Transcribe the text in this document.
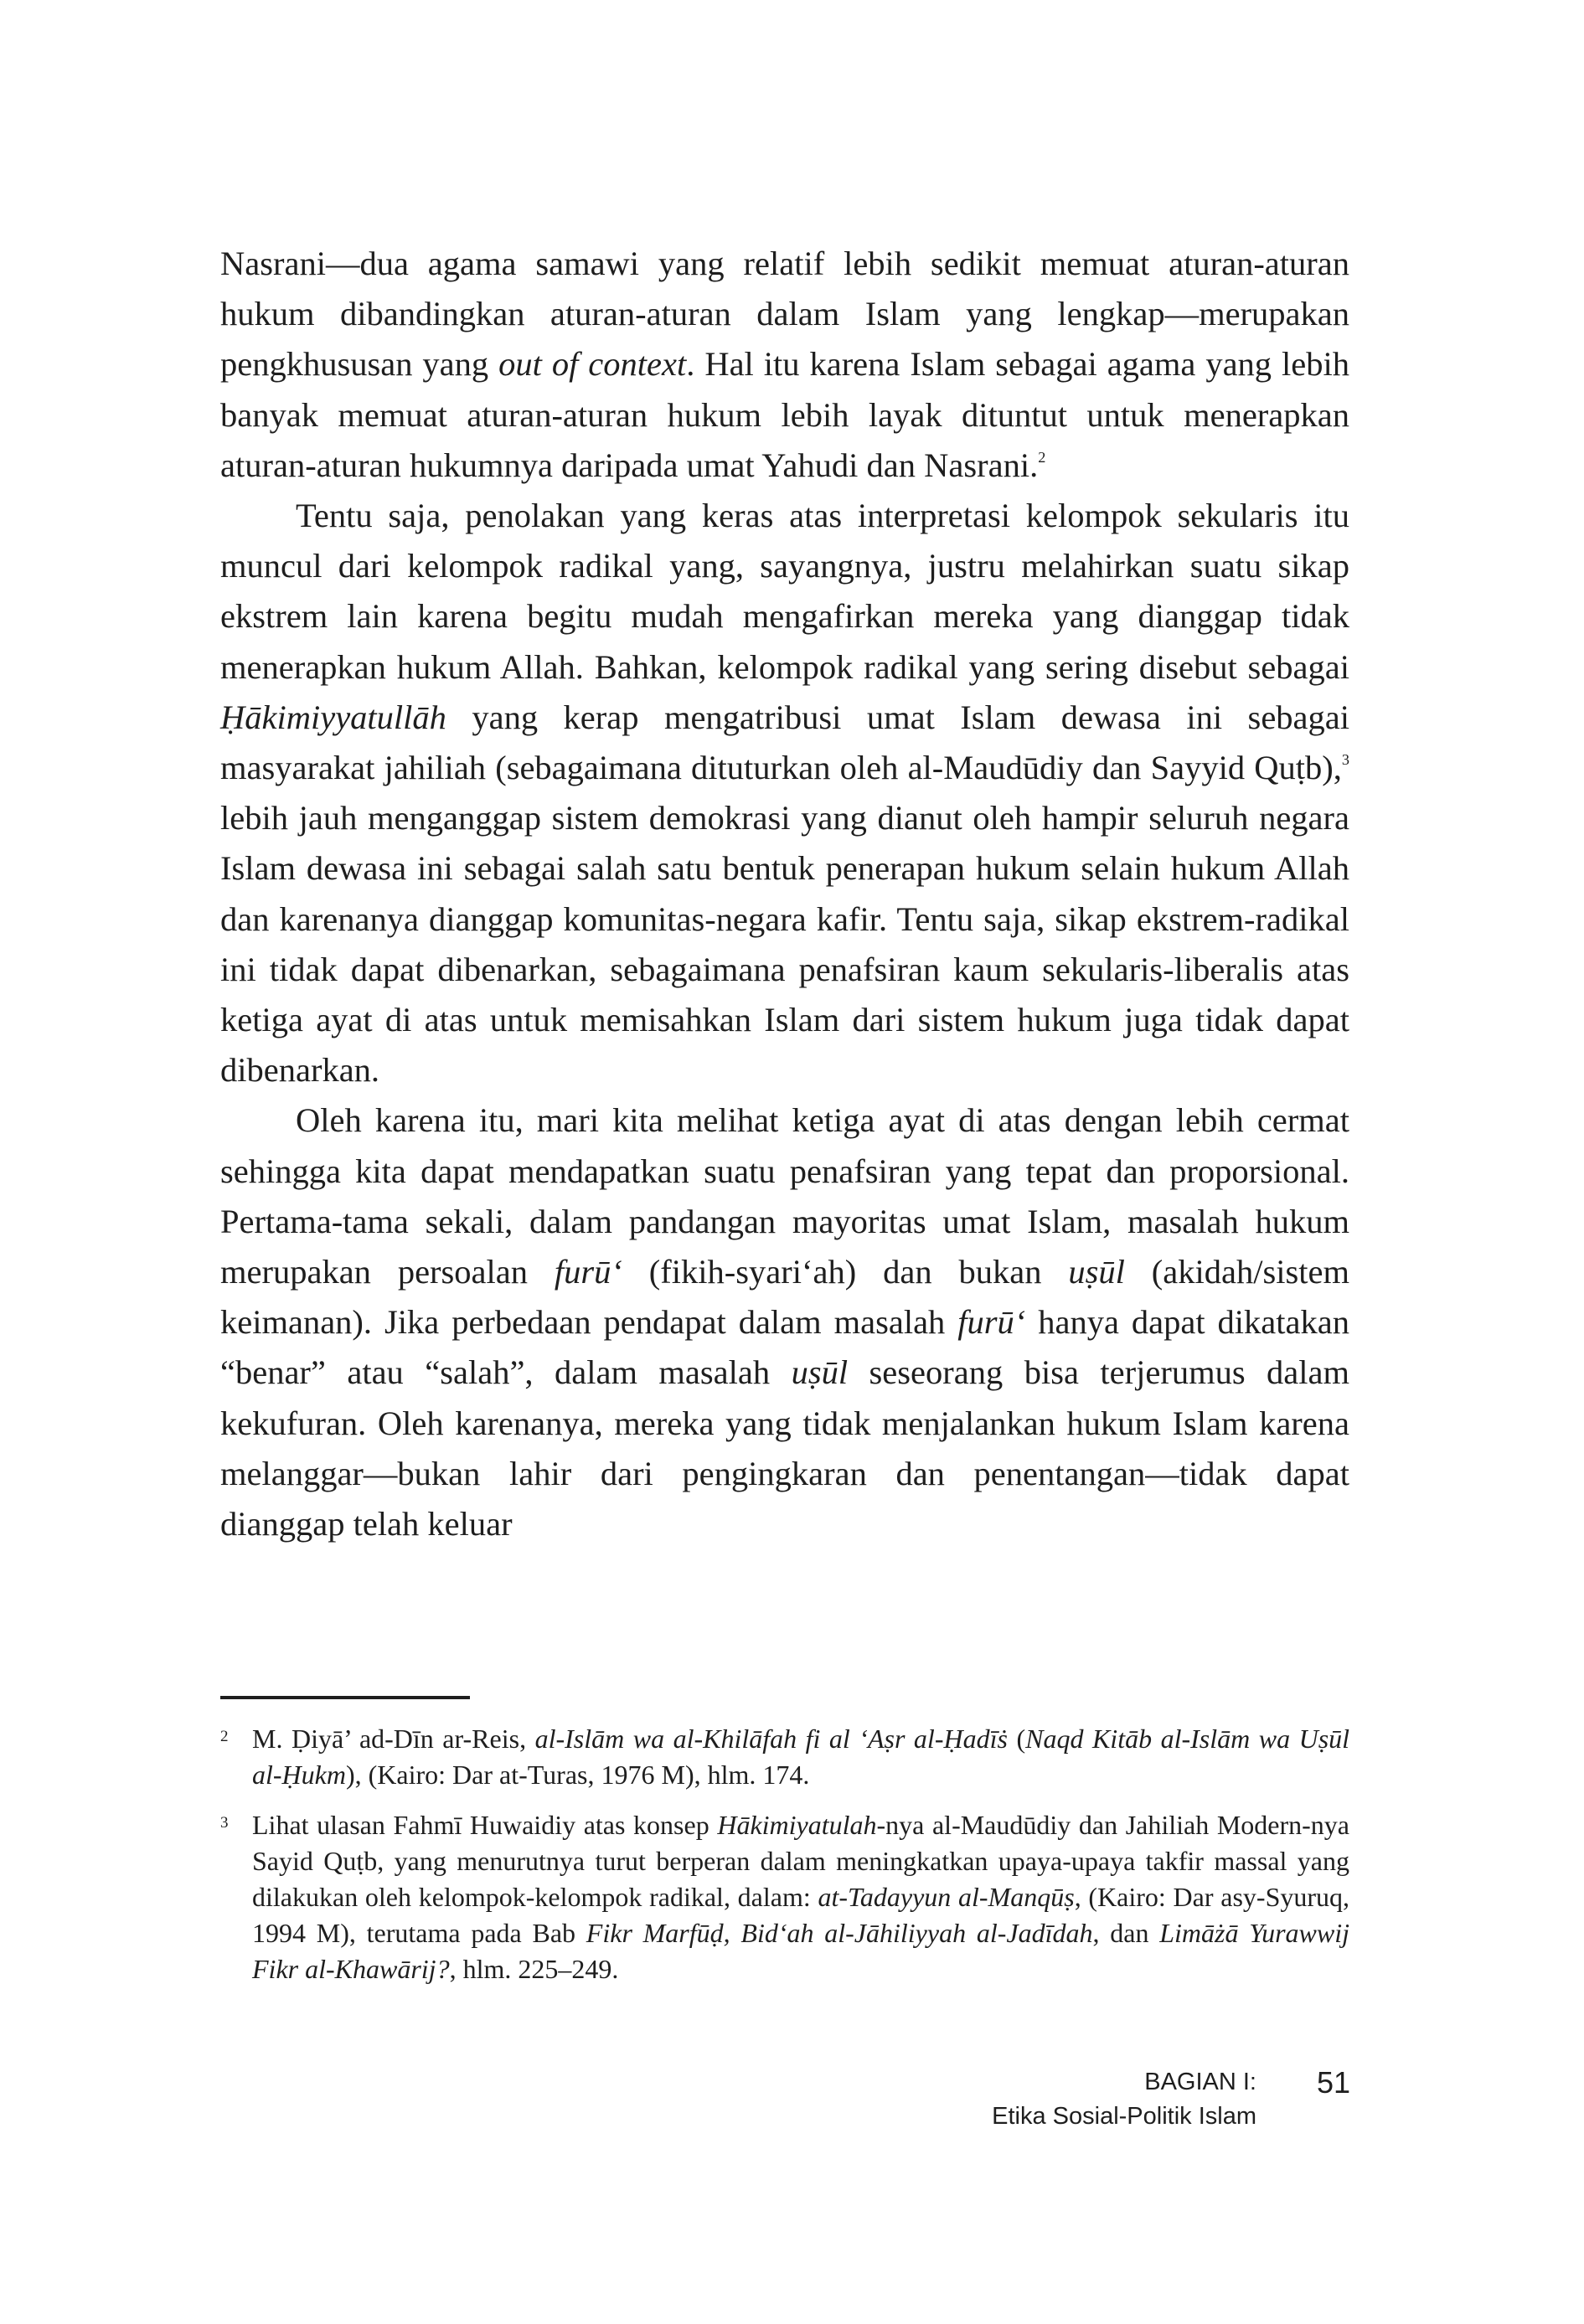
Nasrani—dua agama samawi yang relatif lebih sedikit memuat aturan-aturan hukum dibandingkan aturan-aturan dalam Islam yang lengkap—merupakan pengkhususan yang out of context. Hal itu karena Islam sebagai agama yang lebih banyak memuat aturan-aturan hukum lebih layak dituntut untuk menerapkan aturan-aturan hukumnya daripada umat Yahudi dan Nasrani.$^2$

Tentu saja, penolakan yang keras atas interpretasi kelompok sekularis itu muncul dari kelompok radikal yang, sayangnya, justru melahirkan suatu sikap ekstrem lain karena begitu mudah mengafirkan mereka yang dianggap tidak menerapkan hukum Allah. Bahkan, kelompok radikal yang sering disebut sebagai Ḥākimiyyatullāh yang kerap mengatribusi umat Islam dewasa ini sebagai masyarakat jahiliah (sebagaimana dituturkan oleh al-Maudūdiy dan Sayyid Quṭb),$^3$ lebih jauh menganggap sistem demokrasi yang dianut oleh hampir seluruh negara Islam dewasa ini sebagai salah satu bentuk penerapan hukum selain hukum Allah dan karenanya dianggap komunitas-negara kafir. Tentu saja, sikap ekstrem-radikal ini tidak dapat dibenarkan, sebagaimana penafsiran kaum sekularis-liberalis atas ketiga ayat di atas untuk memisahkan Islam dari sistem hukum juga tidak dapat dibenarkan.

Oleh karena itu, mari kita melihat ketiga ayat di atas dengan lebih cermat sehingga kita dapat mendapatkan suatu penafsiran yang tepat dan proporsional. Pertama-tama sekali, dalam pandangan mayoritas umat Islam, masalah hukum merupakan persoalan furū‘ (fikih-syari‘ah) dan bukan uṣūl (akidah/sistem keimanan). Jika perbedaan pendapat dalam masalah furū‘ hanya dapat dikatakan “benar” atau “salah”, dalam masalah uṣūl seseorang bisa terjerumus dalam kekufuran. Oleh karenanya, mereka yang tidak menjalankan hukum Islam karena melanggar—bukan lahir dari pengingkaran dan penentangan—tidak dapat dianggap telah keluar

2 M. Ḍiyā’ ad-Dīn ar-Reis, al-Islām wa al-Khilāfah fi al ‘Aṣr al-Ḥadīṡ (Naqd Kitāb al-Islām wa Uṣūl al-Ḥukm), (Kairo: Dar at-Turas, 1976 M), hlm. 174.

3 Lihat ulasan Fahmī Huwaidiy atas konsep Hākimiyatulah-nya al-Maudūdiy dan Jahiliah Modern-nya Sayid Quṭb, yang menurutnya turut berperan dalam meningkatkan upaya-upaya takfir massal yang dilakukan oleh kelompok-kelompok radikal, dalam: at-Tadayyun al-Manqūṣ, (Kairo: Dar asy-Syuruq, 1994 M), terutama pada Bab Fikr Marfūḍ, Bid‘ah al-Jāhiliyyah al-Jadīdah, dan Limāżā Yurawwij Fikr al-Khawārij?, hlm. 225–249.

BAGIAN I:
Etika Sosial-Politik Islam
51
